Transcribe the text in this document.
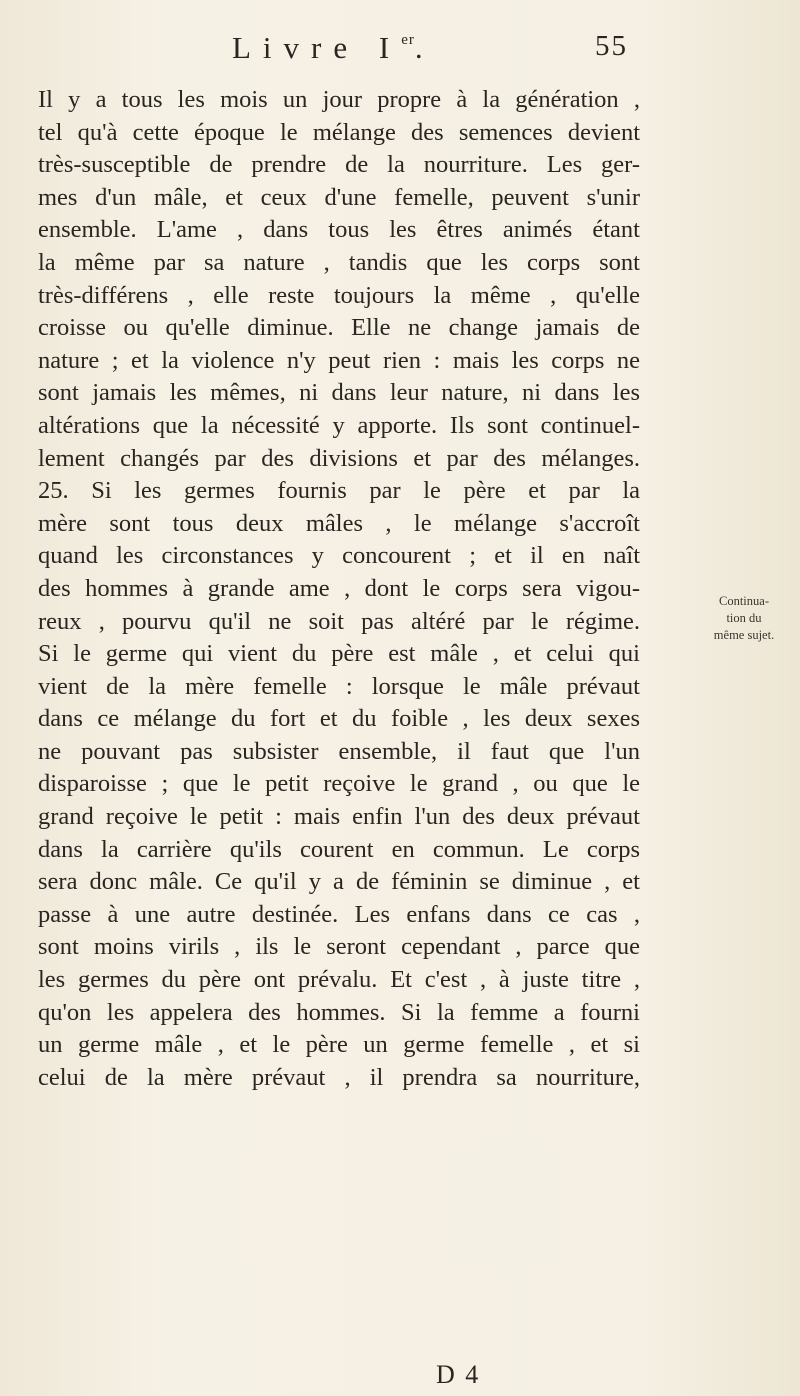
Livre Ier.	55
Il y a tous les mois un jour propre à la génération ,
tel qu'à cette époque le mélange des semences devient
très-susceptible de prendre de la nourriture. Les ger-
mes d'un mâle, et ceux d'une femelle, peuvent s'unir
ensemble. L'ame , dans tous les êtres animés étant
la même par sa nature , tandis que les corps sont
très-différens , elle reste toujours la même , qu'elle
croisse ou qu'elle diminue. Elle ne change jamais de
nature ; et la violence n'y peut rien : mais les corps ne
sont jamais les mêmes, ni dans leur nature, ni dans les
altérations que la nécessité y apporte. Ils sont continuel-
lement changés par des divisions et par des mélanges.
25. Si les germes fournis par le père et par la
mère sont tous deux mâles , le mélange s'accroît
quand les circonstances y concourent ; et il en naît
des hommes à grande ame , dont le corps sera vigou-
reux , pourvu qu'il ne soit pas altéré par le régime.
Si le germe qui vient du père est mâle , et celui qui
vient de la mère femelle : lorsque le mâle prévaut
dans ce mélange du fort et du foible , les deux sexes
ne pouvant pas subsister ensemble, il faut que l'un
disparoisse ; que le petit reçoive le grand , ou que le
grand reçoive le petit : mais enfin l'un des deux prévaut
dans la carrière qu'ils courent en commun. Le corps
sera donc mâle. Ce qu'il y a de féminin se diminue , et
passe à une autre destinée. Les enfans dans ce cas ,
sont moins virils , ils le seront cependant , parce que
les germes du père ont prévalu. Et c'est , à juste titre ,
qu'on les appelera des hommes. Si la femme a fourni
un germe mâle , et le père un germe femelle , et si
celui de la mère prévaut , il prendra sa nourriture,
Continua-
tion du
même sujet.
D 4
